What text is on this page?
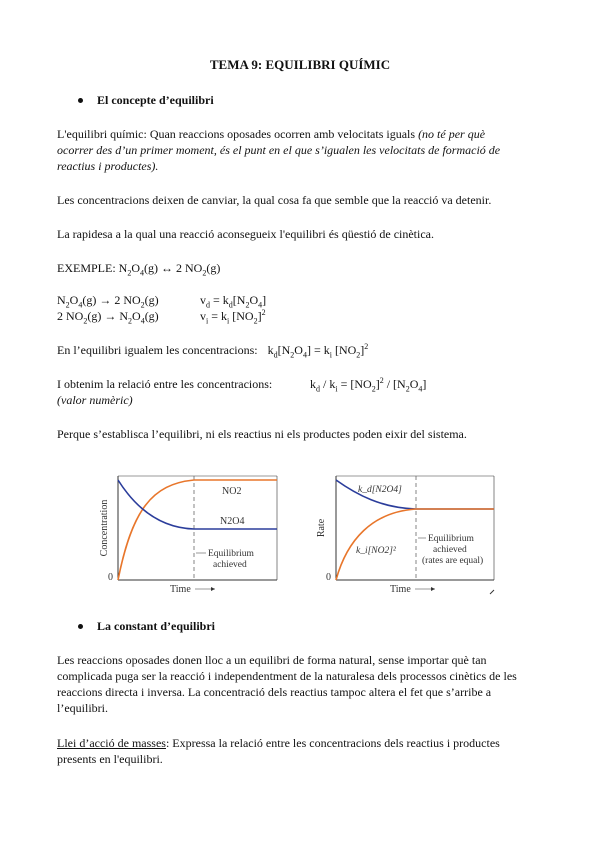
TEMA 9: EQUILIBRI QUÍMIC
El concepte d’equilibri
L'equilibri químic: Quan reaccions oposades ocorren amb velocitats iguals (no té per què
ocorrer des d’un primer moment, és el punt en el que s’igualen les velocitats de formació de
reactius i productes).
Les concentracions deixen de canviar, la qual cosa fa que semble que la reacció va detenir.
La rapidesa a la qual una reacció aconsegueix l'equilibri és qüestió de cinètica.
EXEMPLE: $N_2O_4(g)$ ↔ 2 $NO_2(g)$
$N_2O_4(g) \to 2$ $NO_2(g)$	$v_d = k_d[N_2O_4]$
2 $NO_2(g) \to N_2O_4(g)$	$v_i = k_i$ $[NO_2]^2$
En l’equilibri igualem les concentracions: $k_d[N_2O_4] = k_i$ $[NO_2]^2$
I obtenim la relació entre les concentracions:	$k_d / k_i = [NO_2]^2 / [N_2O_4]$
(valor numèric)
Perque s’establisca l’equilibri, ni els reactius ni els productes poden eixir del sistema.
NO2
N2O4
Equilibrium
achieved
Concentration
0
Time
k_d[N2O4]
k_i[NO2]²
Equilibrium
achieved
(rates are equal)
Rate
0
Time
La constant d’equilibri
Les reaccions oposades donen lloc a un equilibri de forma natural, sense importar què tan
complicada puga ser la reacció i independentment de la naturalesa dels processos cinètics de les
reaccions directa i inversa. La concentració dels reactius tampoc altera el fet que s’arribe a
l’equilibri.
Llei d’acció de masses: Expressa la relació entre les concentracions dels reactius i productes
presents en l'equilibri.
